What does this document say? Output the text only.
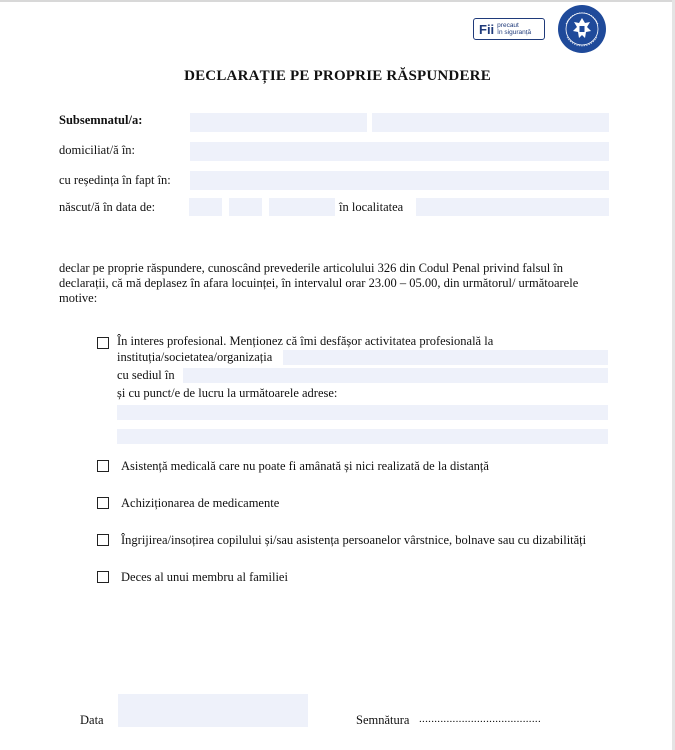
Fii precaut
în siguranță
DECLARAȚIE PE PROPRIE RĂSPUNDERE
Subsemnatul/a:
domiciliat/ă în:
cu reședința în fapt în:
născut/ă în data de:	în localitatea
declar pe proprie răspundere, cunoscând prevederile articolului 326 din Codul Penal privind falsul în declarații, că mă deplasez în afara locuinței, în intervalul orar 23.00 – 05.00, din următorul/ următoarele motive:
În interes profesional. Menționez că îmi desfășor activitatea profesională la
instituția/societatea/organizația
cu sediul în
și cu punct/e de lucru la următoarele adrese:
Asistență medicală care nu poate fi amânată și nici realizată de la distanță
Achiziționarea de medicamente
Îngrijirea/insoțirea copilului și/sau asistența persoanelor vârstnice, bolnave sau cu dizabilități
Deces al unui membru al familiei
Data	Semnătura ........................................
